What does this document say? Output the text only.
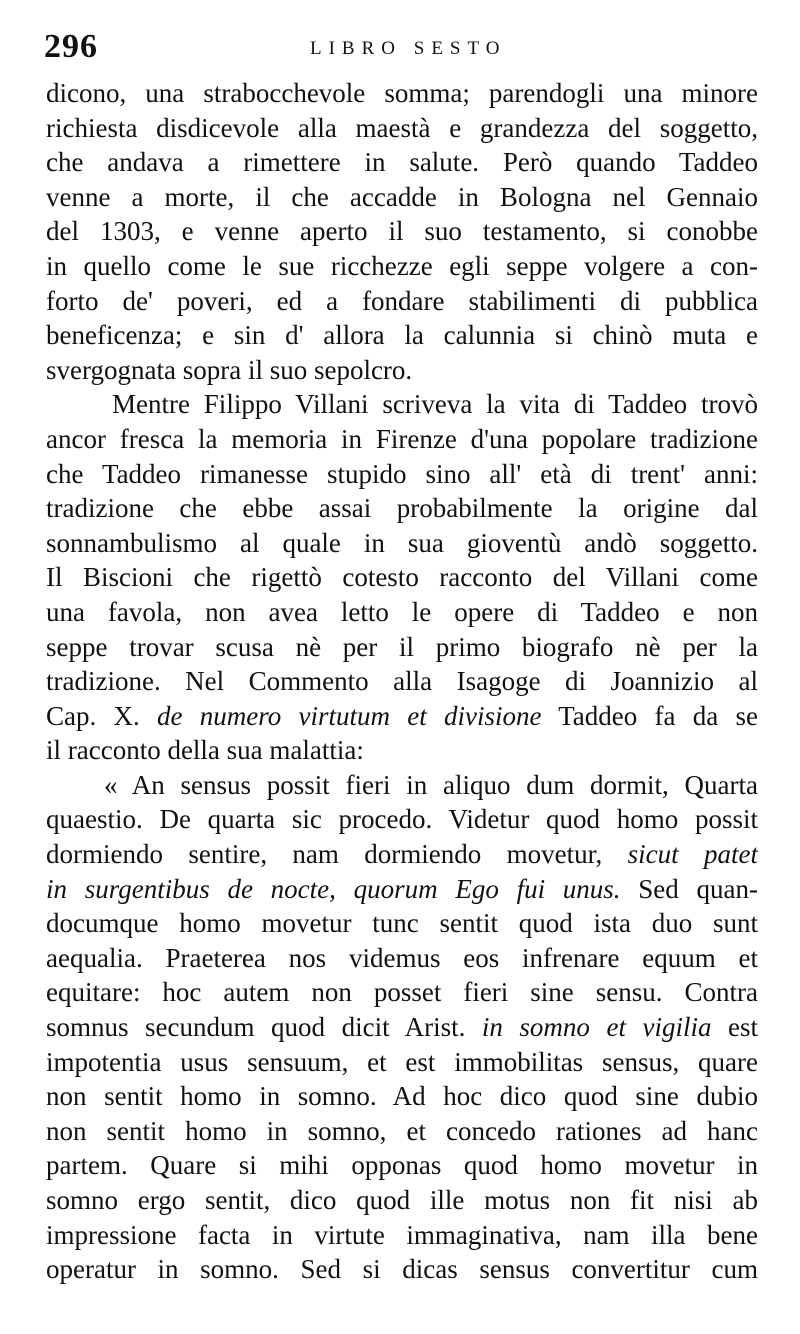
296	LIBRO SESTO
dicono, una strabocchevole somma; parendogli una minore
richiesta disdicevole alla maestà e grandezza del soggetto,
che andava a rimettere in salute. Però quando Taddeo
venne a morte, il che accadde in Bologna nel Gennaio
del 1303, e venne aperto il suo testamento, si conobbe
in quello come le sue ricchezze egli seppe volgere a con-
forto de' poveri, ed a fondare stabilimenti di pubblica
beneficenza; e sin d' allora la calunnia si chinò muta e
svergognata sopra il suo sepolcro.
Mentre Filippo Villani scriveva la vita di Taddeo trovò
ancor fresca la memoria in Firenze d'una popolare tradizione
che Taddeo rimanesse stupido sino all' età di trent' anni:
tradizione che ebbe assai probabilmente la origine dal
sonnambulismo al quale in sua gioventù andò soggetto.
Il Biscioni che rigettò cotesto racconto del Villani come
una favola, non avea letto le opere di Taddeo e non
seppe trovar scusa nè per il primo biografo nè per la
tradizione. Nel Commento alla Isagoge di Joannizio al
Cap. X. de numero virtutum et divisione Taddeo fa da se
il racconto della sua malattia:
« An sensus possit fieri in aliquo dum dormit, Quarta
quaestio. De quarta sic procedo. Videtur quod homo possit
dormiendo sentire, nam dormiendo movetur, sicut patet
in surgentibus de nocte, quorum Ego fui unus. Sed quan-
documque homo movetur tunc sentit quod ista duo sunt
aequalia. Praeterea nos videmus eos infrenare equum et
equitare: hoc autem non posset fieri sine sensu. Contra
somnus secundum quod dicit Arist. in somno et vigilia est
impotentia usus sensuum, et est immobilitas sensus, quare
non sentit homo in somno. Ad hoc dico quod sine dubio
non sentit homo in somno, et concedo rationes ad hanc
partem. Quare si mihi opponas quod homo movetur in
somno ergo sentit, dico quod ille motus non fit nisi ab
impressione facta in virtute immaginativa, nam illa bene
operatur in somno. Sed si dicas sensus convertitur cum
